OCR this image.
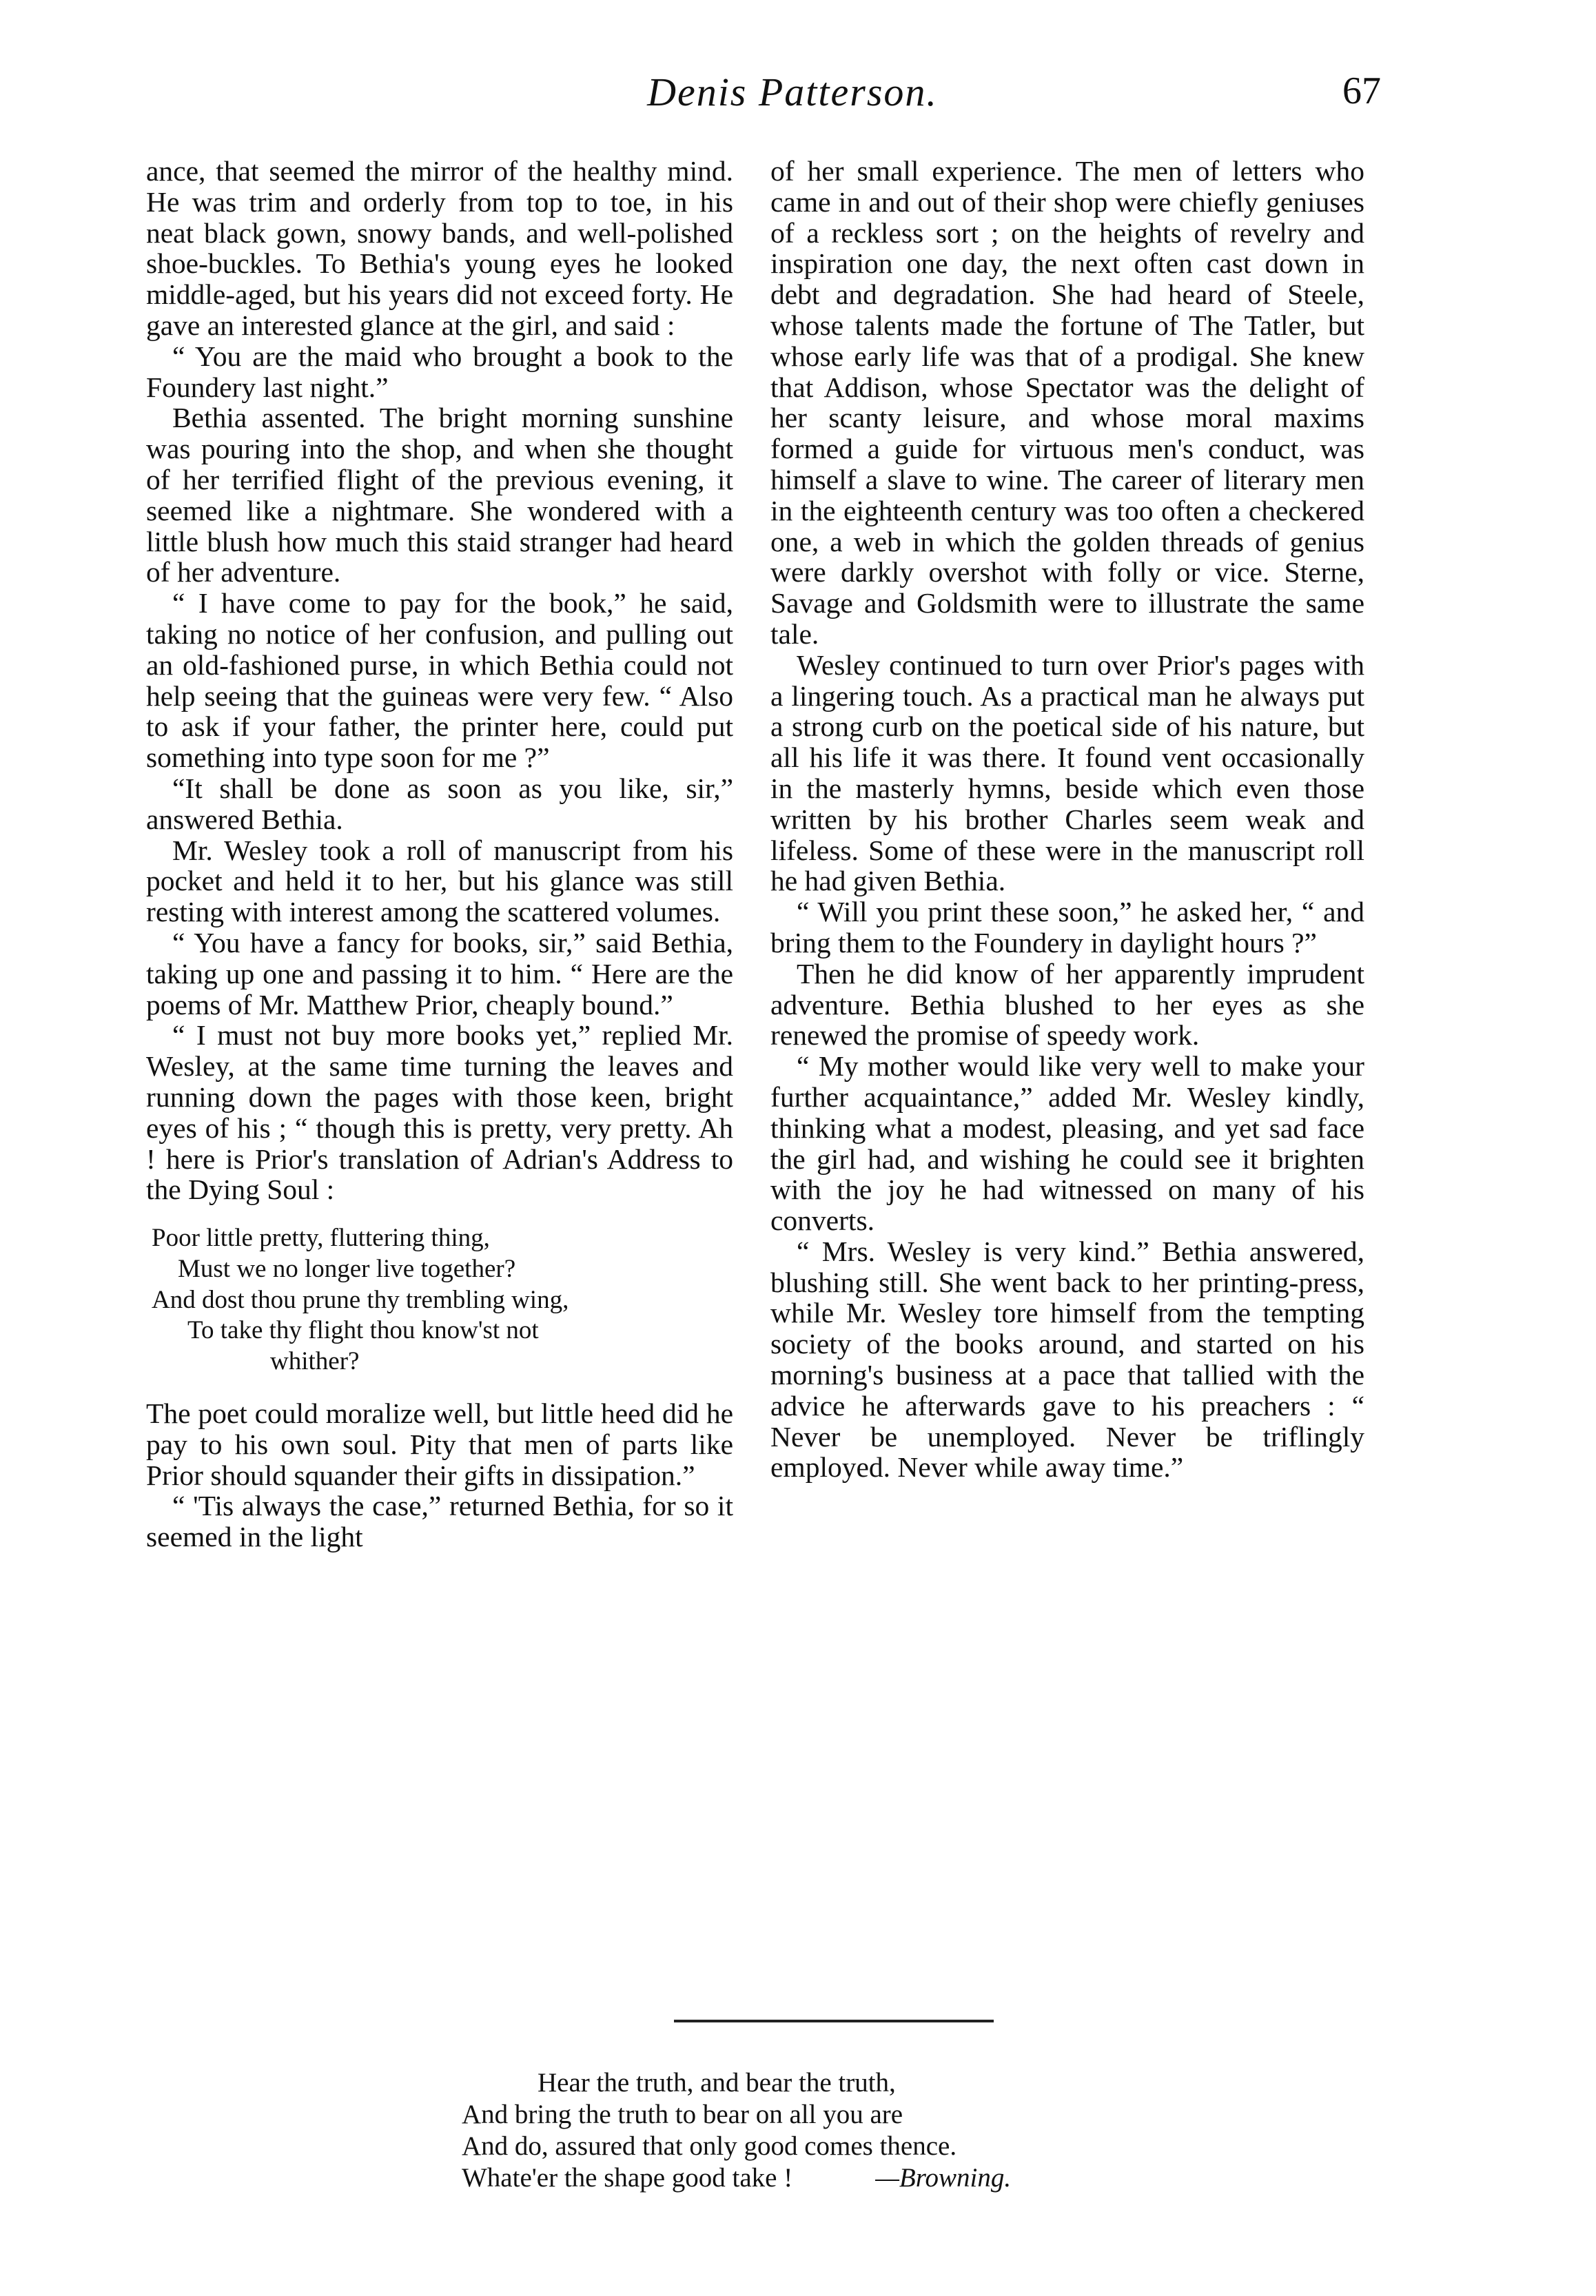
Denis Patterson.	67

ance, that seemed the mirror of the healthy mind. He was trim and orderly from top to toe, in his neat black gown, snowy bands, and well-polished shoe-buckles. To Bethia's young eyes he looked middle-aged, but his years did not exceed forty. He gave an interested glance at the girl, and said :

“ You are the maid who brought a book to the Foundery last night.”

Bethia assented. The bright morning sunshine was pouring into the shop, and when she thought of her terrified flight of the previous evening, it seemed like a nightmare. She wondered with a little blush how much this staid stranger had heard of her adventure.

“ I have come to pay for the book,” he said, taking no notice of her confusion, and pulling out an old-fashioned purse, in which Bethia could not help seeing that the guineas were very few. “ Also to ask if your father, the printer here, could put something into type soon for me ?”

“It shall be done as soon as you like, sir,” answered Bethia.

Mr. Wesley took a roll of manuscript from his pocket and held it to her, but his glance was still resting with interest among the scattered volumes.

“ You have a fancy for books, sir,” said Bethia, taking up one and passing it to him. “ Here are the poems of Mr. Matthew Prior, cheaply bound.”

“ I must not buy more books yet,” replied Mr. Wesley, at the same time turning the leaves and running down the pages with those keen, bright eyes of his ; “ though this is pretty, very pretty. Ah ! here is Prior's translation of Adrian's Address to the Dying Soul :

Poor little pretty, fluttering thing,
Must we no longer live together?
And dost thou prune thy trembling wing,
To take thy flight thou know'st not
whither?

The poet could moralize well, but little heed did he pay to his own soul. Pity that men of parts like Prior should squander their gifts in dissipation.”

“ 'Tis always the case,” returned Bethia, for so it seemed in the light

of her small experience. The men of letters who came in and out of their shop were chiefly geniuses of a reckless sort ; on the heights of revelry and inspiration one day, the next often cast down in debt and degradation. She had heard of Steele, whose talents made the fortune of The Tatler, but whose early life was that of a prodigal. She knew that Addison, whose Spectator was the delight of her scanty leisure, and whose moral maxims formed a guide for virtuous men's conduct, was himself a slave to wine. The career of literary men in the eighteenth century was too often a checkered one, a web in which the golden threads of genius were darkly overshot with folly or vice. Sterne, Savage and Goldsmith were to illustrate the same tale.

Wesley continued to turn over Prior's pages with a lingering touch. As a practical man he always put a strong curb on the poetical side of his nature, but all his life it was there. It found vent occasionally in the masterly hymns, beside which even those written by his brother Charles seem weak and lifeless. Some of these were in the manuscript roll he had given Bethia.

“ Will you print these soon,” he asked her, “ and bring them to the Foundery in daylight hours ?”

Then he did know of her apparently imprudent adventure. Bethia blushed to her eyes as she renewed the promise of speedy work.

“ My mother would like very well to make your further acquaintance,” added Mr. Wesley kindly, thinking what a modest, pleasing, and yet sad face the girl had, and wishing he could see it brighten with the joy he had witnessed on many of his converts.

“ Mrs. Wesley is very kind.” Bethia answered, blushing still. She went back to her printing-press, while Mr. Wesley tore himself from the tempting society of the books around, and started on his morning's business at a pace that tallied with the advice he afterwards gave to his preachers : “ Never be unemployed. Never be triflingly employed. Never while away time.”

Hear the truth, and bear the truth,
And bring the truth to bear on all you are
And do, assured that only good comes thence.
Whate'er the shape good take !	—Browning.
